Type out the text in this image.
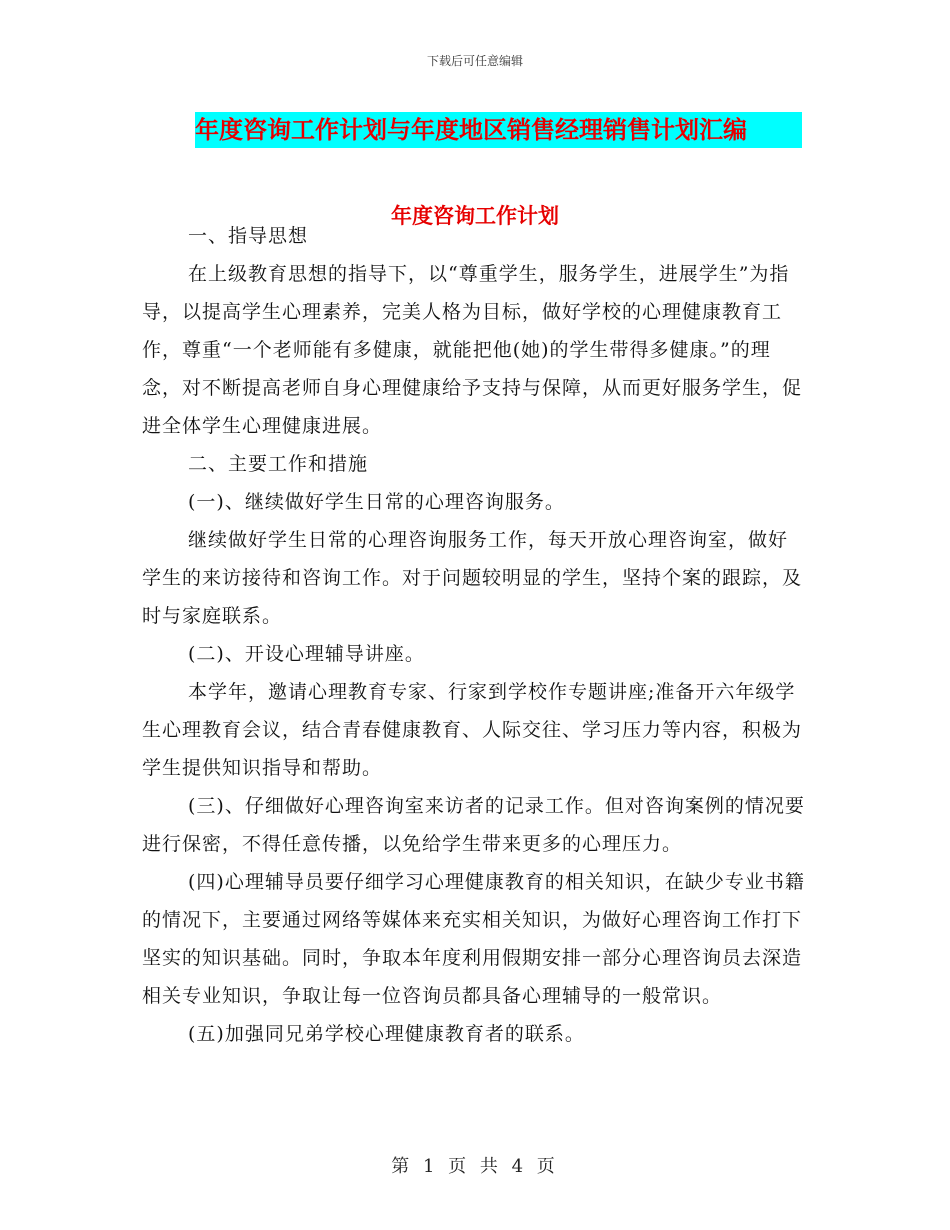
下载后可任意编辑
年度咨询工作计划与年度地区销售经理销售计划汇编
年度咨询工作计划

一、指导思想

在上级教育思想的指导下，以“尊重学生，服务学生，进展学生”为指导，以提高学生心理素养，完美人格为目标，做好学校的心理健康教育工作，尊重“一个老师能有多健康，就能把他(她)的学生带得多健康。”的理念，对不断提高老师自身心理健康给予支持与保障，从而更好服务学生，促进全体学生心理健康进展。

二、主要工作和措施

(一)、继续做好学生日常的心理咨询服务。

继续做好学生日常的心理咨询服务工作，每天开放心理咨询室，做好学生的来访接待和咨询工作。对于问题较明显的学生，坚持个案的跟踪，及时与家庭联系。

(二)、开设心理辅导讲座。

本学年，邀请心理教育专家、行家到学校作专题讲座;准备开六年级学生心理教育会议，结合青春健康教育、人际交往、学习压力等内容，积极为学生提供知识指导和帮助。

(三)、仔细做好心理咨询室来访者的记录工作。但对咨询案例的情况要进行保密，不得任意传播，以免给学生带来更多的心理压力。

(四)心理辅导员要仔细学习心理健康教育的相关知识，在缺少专业书籍的情况下，主要通过网络等媒体来充实相关知识，为做好心理咨询工作打下坚实的知识基础。同时，争取本年度利用假期安排一部分心理咨询员去深造相关专业知识，争取让每一位咨询员都具备心理辅导的一般常识。

(五)加强同兄弟学校心理健康教育者的联系。

第 1 页 共 4 页
